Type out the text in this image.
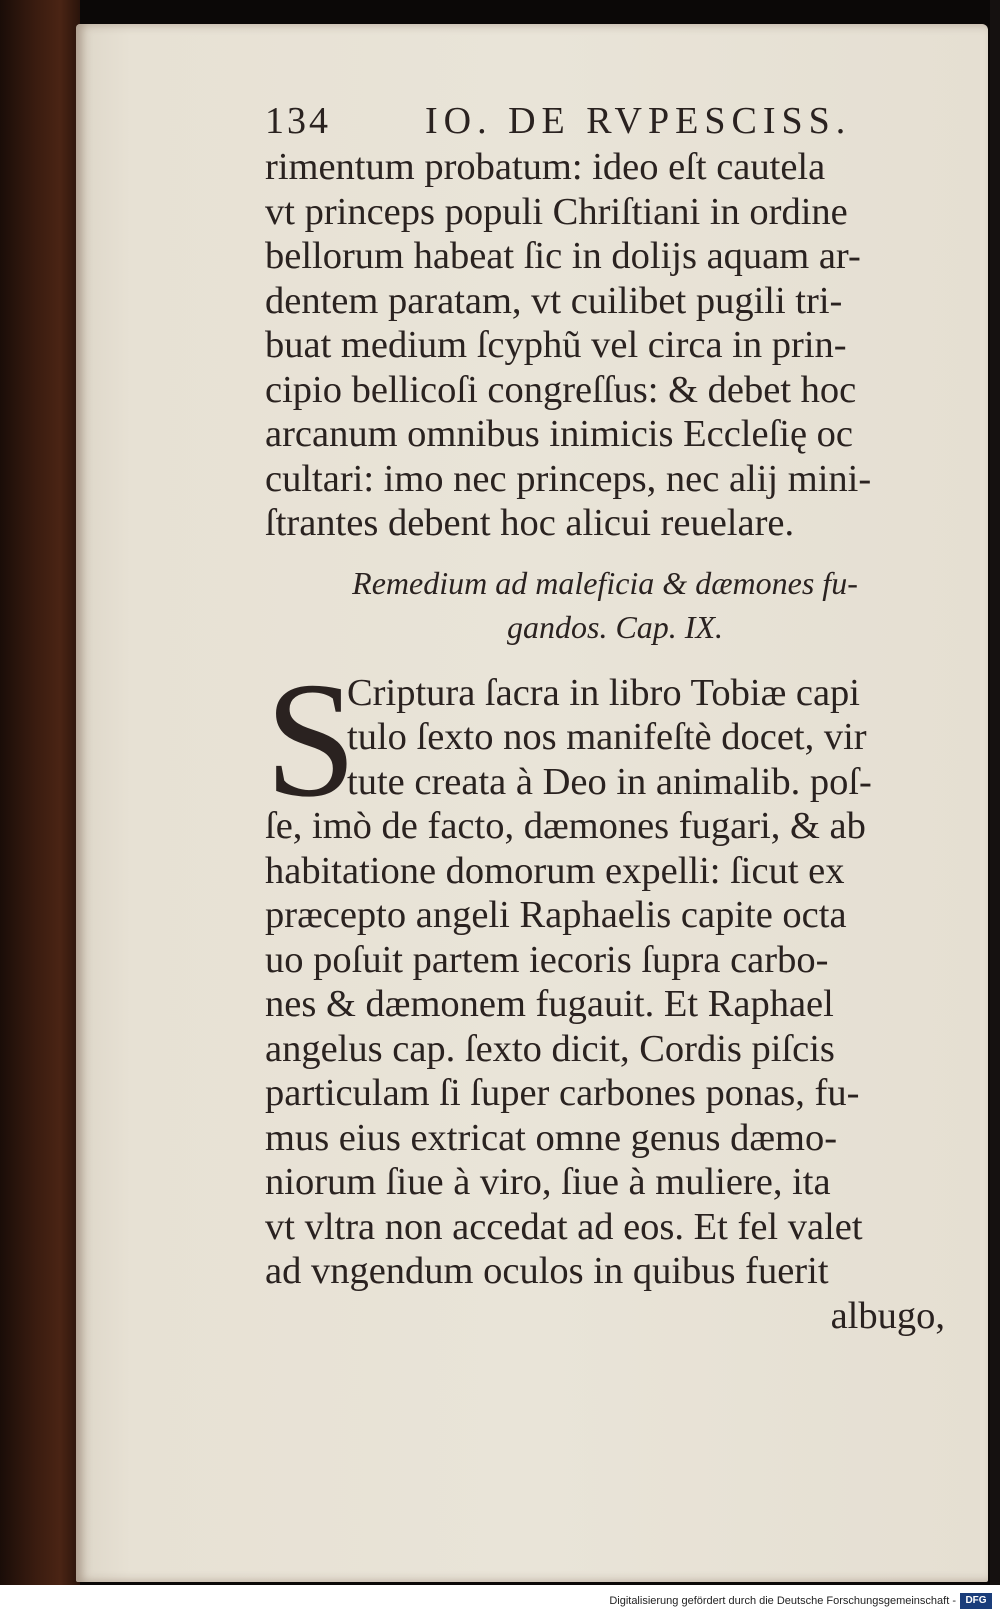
134 IO. DE RVPESCISS.
rimentum probatum: ideo eſt cautela
vt princeps populi Chriſtiani in ordine
bellorum habeat ſic in dolijs aquam ar-
dentem paratam, vt cuilibet pugili tri-
buat medium ſcyphũ vel circa in prin-
cipio bellicoſi congreſſus: & debet hoc
arcanum omnibus inimicis Eccleſię oc
cultari: imo nec princeps, nec alij mini-
ſtrantes debent hoc alicui reuelare.
Remedium ad maleficia & dæmones fu-
gandos. Cap. IX.
S
Criptura ſacra in libro Tobiæ capi
tulo ſexto nos manifeſtè docet, vir
tute creata à Deo in animalib. poſ-
ſe, imò de facto, dæmones fugari, & ab
habitatione domorum expelli: ſicut ex
præcepto angeli Raphaelis capite octa
uo poſuit partem iecoris ſupra carbo-
nes & dæmonem fugauit. Et Raphael
angelus cap. ſexto dicit, Cordis piſcis
particulam ſi ſuper carbones ponas, fu-
mus eius extricat omne genus dæmo-
niorum ſiue à viro, ſiue à muliere, ita
vt vltra non accedat ad eos. Et fel valet
ad vngendum oculos in quibus fuerit
albugo,
Digitalisierung gefördert durch die Deutsche Forschungsgemeinschaft - DFG
